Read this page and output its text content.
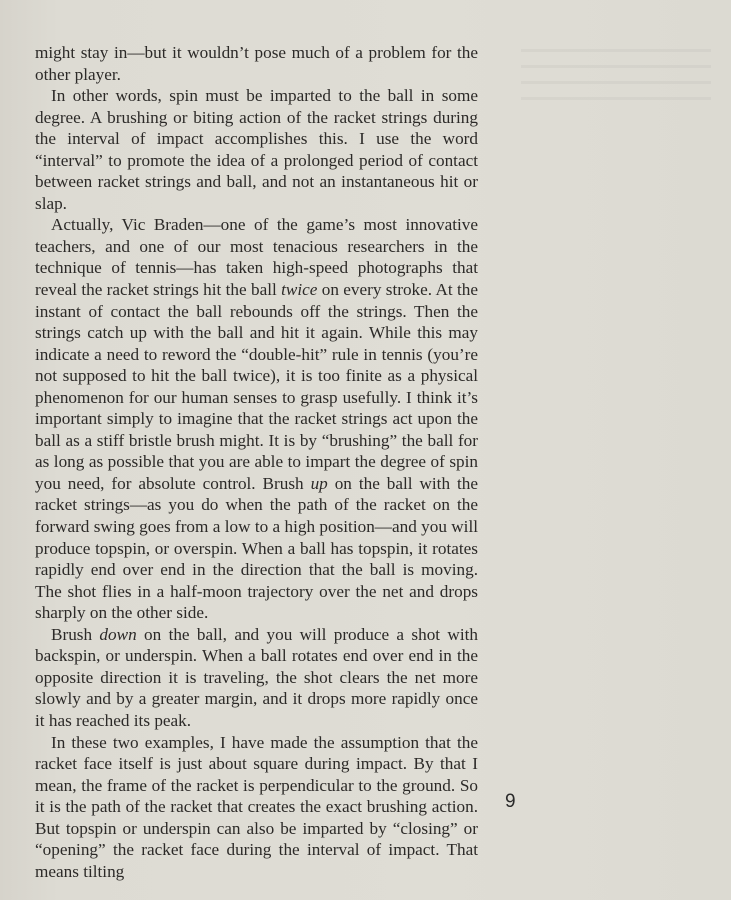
might stay in—but it wouldn’t pose much of a problem for the other player.

In other words, spin must be imparted to the ball in some degree. A brushing or biting action of the racket strings during the interval of impact accomplishes this. I use the word “interval” to promote the idea of a prolonged period of contact between racket strings and ball, and not an instantaneous hit or slap.

Actually, Vic Braden—one of the game’s most innovative teachers, and one of our most tenacious researchers in the technique of tennis—has taken high-speed photographs that reveal the racket strings hit the ball twice on every stroke. At the instant of contact the ball rebounds off the strings. Then the strings catch up with the ball and hit it again. While this may indicate a need to reword the “double-hit” rule in tennis (you’re not supposed to hit the ball twice), it is too finite as a physical phenomenon for our human senses to grasp usefully. I think it’s important simply to imagine that the racket strings act upon the ball as a stiff bristle brush might. It is by “brushing” the ball for as long as possible that you are able to impart the degree of spin you need, for absolute control. Brush up on the ball with the racket strings—as you do when the path of the racket on the forward swing goes from a low to a high position—and you will produce topspin, or overspin. When a ball has topspin, it rotates rapidly end over end in the direction that the ball is moving. The shot flies in a half-moon trajectory over the net and drops sharply on the other side.

Brush down on the ball, and you will produce a shot with backspin, or underspin. When a ball rotates end over end in the opposite direction it is traveling, the shot clears the net more slowly and by a greater margin, and it drops more rapidly once it has reached its peak.

In these two examples, I have made the assumption that the racket face itself is just about square during impact. By that I mean, the frame of the racket is perpendicular to the ground. So it is the path of the racket that creates the exact brushing action. But topspin or underspin can also be imparted by “closing” or “opening” the racket face during the interval of impact. That means tilting

9
